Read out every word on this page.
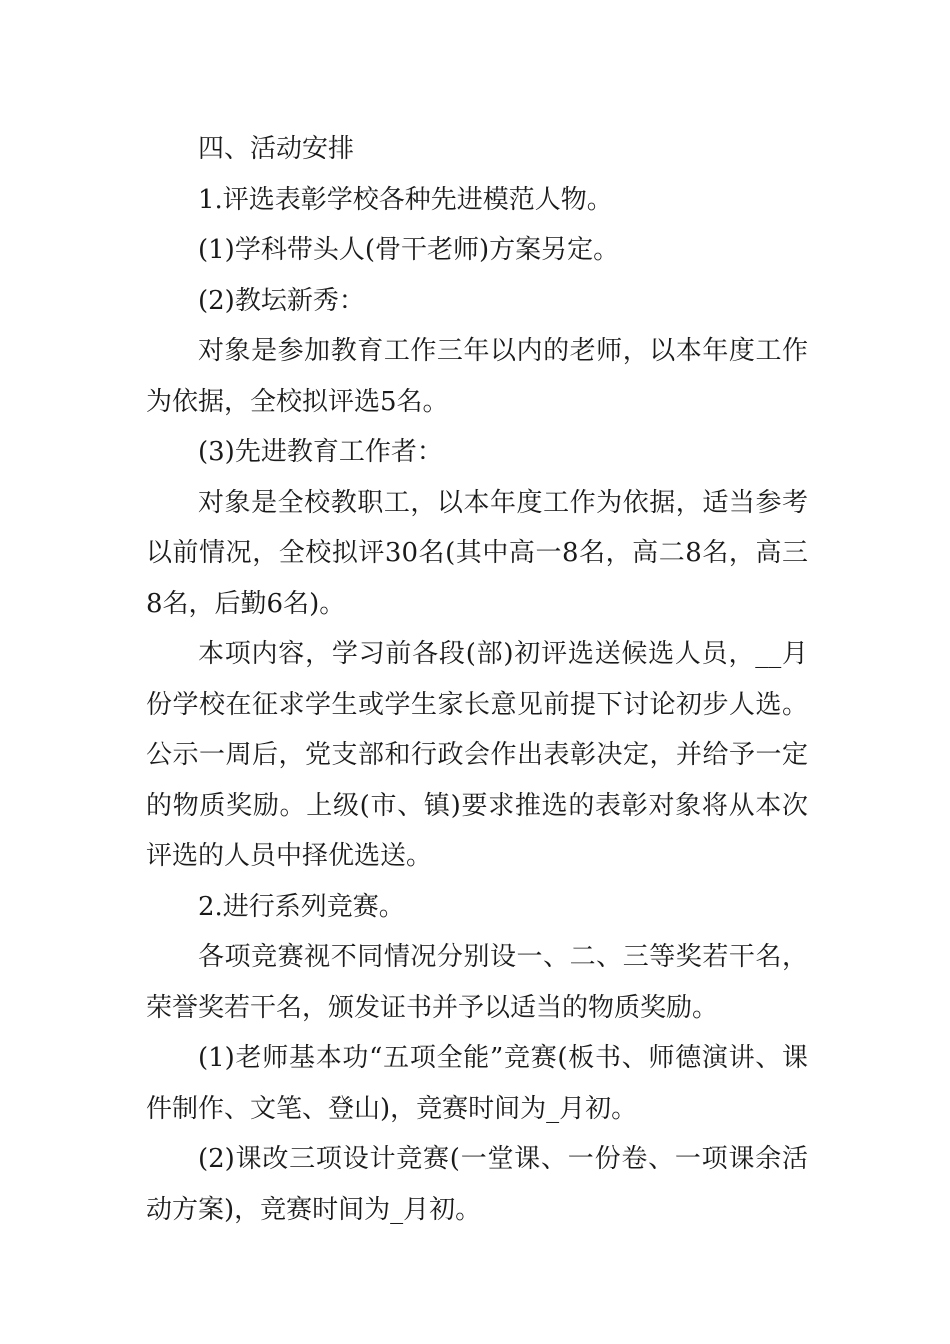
四、活动安排

1.评选表彰学校各种先进模范人物。

(1)学科带头人(骨干老师)方案另定。

(2)教坛新秀：

对象是参加教育工作三年以内的老师，以本年度工作为依据，全校拟评选5名。

(3)先进教育工作者：

对象是全校教职工，以本年度工作为依据，适当参考以前情况，全校拟评30名(其中高一8名，高二8名，高三8名，后勤6名)。

本项内容，学习前各段(部)初评选送候选人员，__月份学校在征求学生或学生家长意见前提下讨论初步人选。公示一周后，党支部和行政会作出表彰决定，并给予一定的物质奖励。上级(市、镇)要求推选的表彰对象将从本次评选的人员中择优选送。

2.进行系列竞赛。

各项竞赛视不同情况分别设一、二、三等奖若干名，荣誉奖若干名，颁发证书并予以适当的物质奖励。

(1)老师基本功“五项全能”竞赛(板书、师德演讲、课件制作、文笔、登山)，竞赛时间为_月初。

(2)课改三项设计竞赛(一堂课、一份卷、一项课余活动方案)，竞赛时间为_月初。
